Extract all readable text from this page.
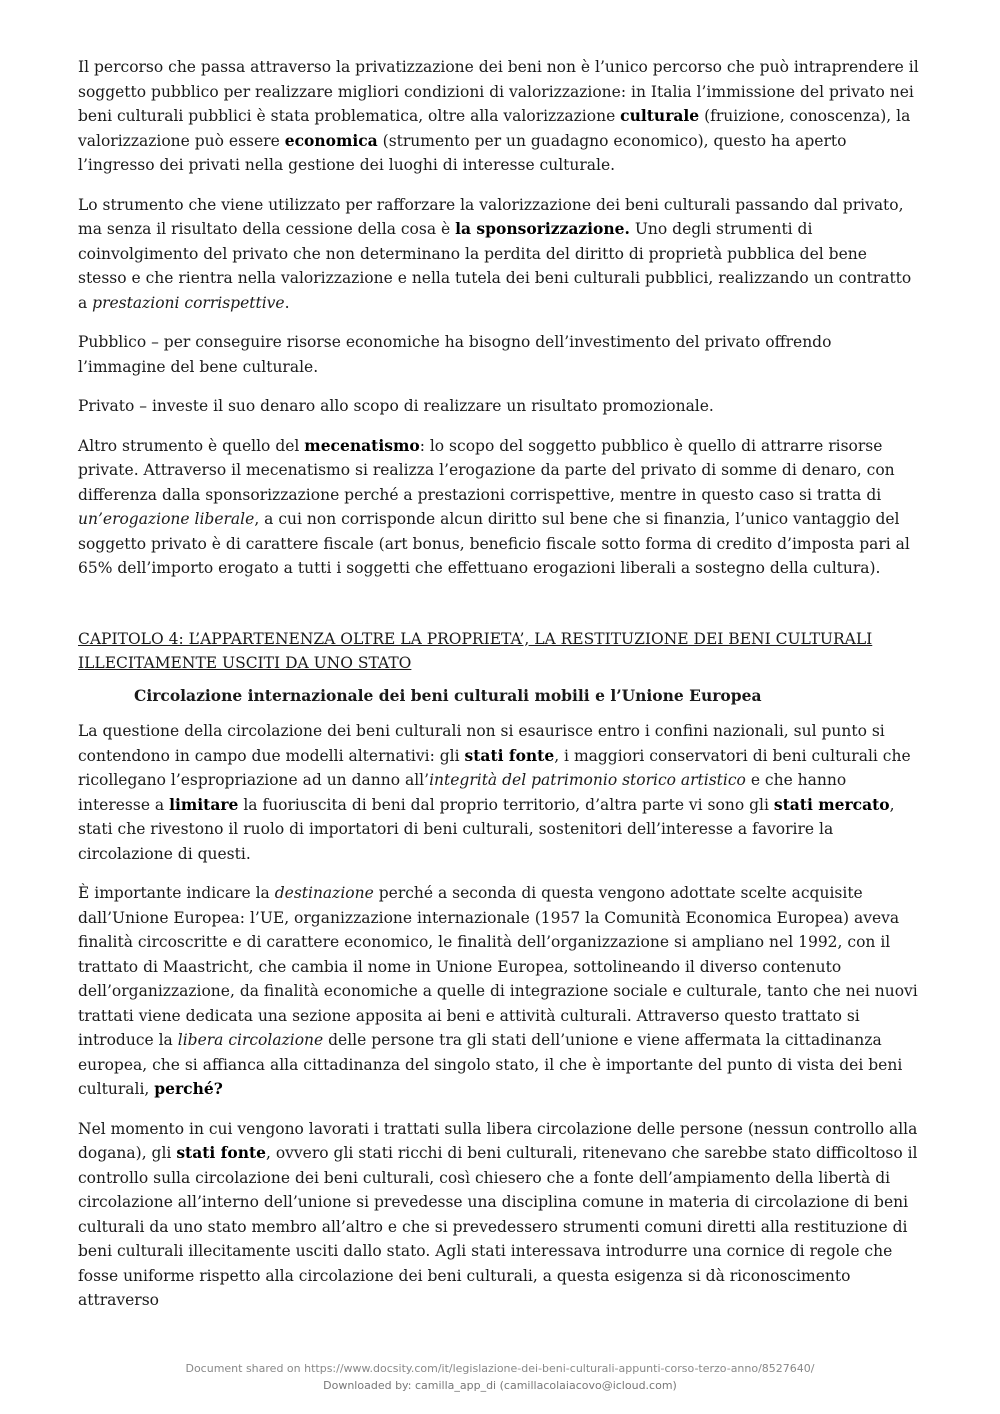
Il percorso che passa attraverso la privatizzazione dei beni non è l’unico percorso che può intraprendere il soggetto pubblico per realizzare migliori condizioni di valorizzazione: in Italia l’immissione del privato nei beni culturali pubblici è stata problematica, oltre alla valorizzazione culturale (fruizione, conoscenza), la valorizzazione può essere economica (strumento per un guadagno economico), questo ha aperto l’ingresso dei privati nella gestione dei luoghi di interesse culturale.

Lo strumento che viene utilizzato per rafforzare la valorizzazione dei beni culturali passando dal privato, ma senza il risultato della cessione della cosa è la sponsorizzazione. Uno degli strumenti di coinvolgimento del privato che non determinano la perdita del diritto di proprietà pubblica del bene stesso e che rientra nella valorizzazione e nella tutela dei beni culturali pubblici, realizzando un contratto a prestazioni corrispettive.

Pubblico – per conseguire risorse economiche ha bisogno dell’investimento del privato offrendo l’immagine del bene culturale.

Privato – investe il suo denaro allo scopo di realizzare un risultato promozionale.

Altro strumento è quello del mecenatismo: lo scopo del soggetto pubblico è quello di attrarre risorse private. Attraverso il mecenatismo si realizza l’erogazione da parte del privato di somme di denaro, con differenza dalla sponsorizzazione perché a prestazioni corrispettive, mentre in questo caso si tratta di un’erogazione liberale, a cui non corrisponde alcun diritto sul bene che si finanzia, l’unico vantaggio del soggetto privato è di carattere fiscale (art bonus, beneficio fiscale sotto forma di credito d’imposta pari al 65% dell’importo erogato a tutti i soggetti che effettuano erogazioni liberali a sostegno della cultura).

CAPITOLO 4: L’APPARTENENZA OLTRE LA PROPRIETA’, LA RESTITUZIONE DEI BENI CULTURALI ILLECITAMENTE USCITI DA UNO STATO
Circolazione internazionale dei beni culturali mobili e l’Unione Europea

La questione della circolazione dei beni culturali non si esaurisce entro i confini nazionali, sul punto si contendono in campo due modelli alternativi: gli stati fonte, i maggiori conservatori di beni culturali che ricollegano l’espropriazione ad un danno all’integrità del patrimonio storico artistico e che hanno interesse a limitare la fuoriuscita di beni dal proprio territorio, d’altra parte vi sono gli stati mercato, stati che rivestono il ruolo di importatori di beni culturali, sostenitori dell’interesse a favorire la circolazione di questi.

È importante indicare la destinazione perché a seconda di questa vengono adottate scelte acquisite dall’Unione Europea: l’UE, organizzazione internazionale (1957 la Comunità Economica Europea) aveva finalità circoscritte e di carattere economico, le finalità dell’organizzazione si ampliano nel 1992, con il trattato di Maastricht, che cambia il nome in Unione Europea, sottolineando il diverso contenuto dell’organizzazione, da finalità economiche a quelle di integrazione sociale e culturale, tanto che nei nuovi trattati viene dedicata una sezione apposita ai beni e attività culturali. Attraverso questo trattato si introduce la libera circolazione delle persone tra gli stati dell’unione e viene affermata la cittadinanza europea, che si affianca alla cittadinanza del singolo stato, il che è importante del punto di vista dei beni culturali, perché?

Nel momento in cui vengono lavorati i trattati sulla libera circolazione delle persone (nessun controllo alla dogana), gli stati fonte, ovvero gli stati ricchi di beni culturali, ritenevano che sarebbe stato difficoltoso il controllo sulla circolazione dei beni culturali, così chiesero che a fonte dell’ampiamento della libertà di circolazione all’interno dell’unione si prevedesse una disciplina comune in materia di circolazione di beni culturali da uno stato membro all’altro e che si prevedessero strumenti comuni diretti alla restituzione di beni culturali illecitamente usciti dallo stato. Agli stati interessava introdurre una cornice di regole che fosse uniforme rispetto alla circolazione dei beni culturali, a questa esigenza si dà riconoscimento attraverso

Document shared on https://www.docsity.com/it/legislazione-dei-beni-culturali-appunti-corso-terzo-anno/8527640/
Downloaded by: camilla_app_di (camillacolaiacovo@icloud.com)
